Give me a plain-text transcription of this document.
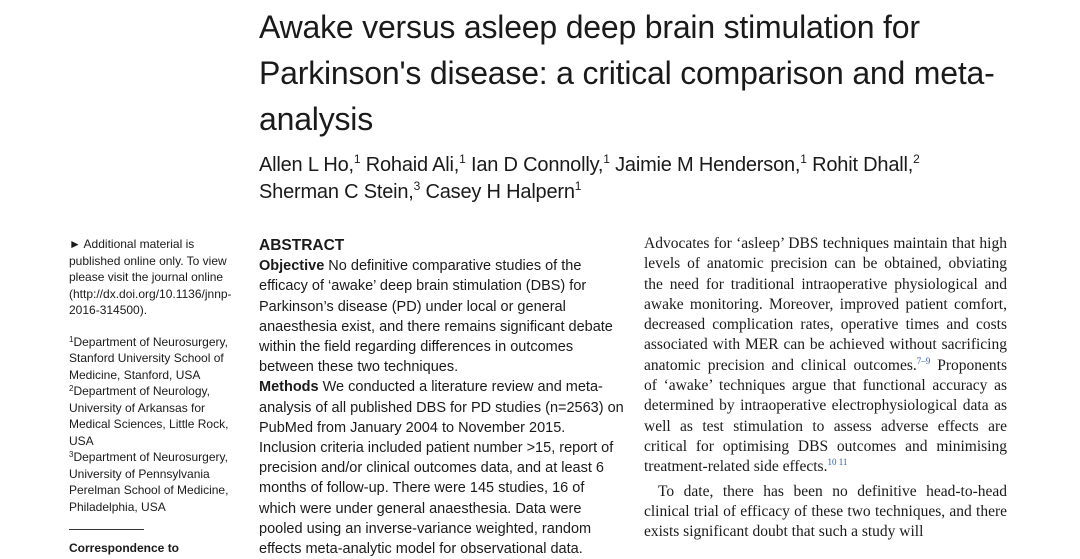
Awake versus asleep deep brain stimulation for Parkinson's disease: a critical comparison and meta-analysis
Allen L Ho,$^1$ Rohaid Ali,$^1$ Ian D Connolly,$^1$ Jaimie M Henderson,$^1$ Rohit Dhall,$^2$
Sherman C Stein,$^3$ Casey H Halpern$^1$

► Additional material is published online only. To view please visit the journal online (http://dx.doi.org/10.1136/jnnp-2016-314500).

$^1$Department of Neurosurgery, Stanford University School of Medicine, Stanford, USA

$^2$Department of Neurology, University of Arkansas for Medical Sciences, Little Rock, USA

$^3$Department of Neurosurgery, University of Pennsylvania Perelman School of Medicine, Philadelphia, USA

Correspondence to
ABSTRACT

Objective No definitive comparative studies of the efficacy of ‘awake’ deep brain stimulation (DBS) for Parkinson’s disease (PD) under local or general anaesthesia exist, and there remains significant debate within the field regarding differences in outcomes between these two techniques.

Methods We conducted a literature review and meta-analysis of all published DBS for PD studies (n=2563) on PubMed from January 2004 to November 2015. Inclusion criteria included patient number >15, report of precision and/or clinical outcomes data, and at least 6 months of follow-up. There were 145 studies, 16 of which were under general anaesthesia. Data were pooled using an inverse-variance weighted, random effects meta-analytic model for observational data.

Advocates for ‘asleep’ DBS techniques maintain that high levels of anatomic precision can be obtained, obviating the need for traditional intraoperative physiological and awake monitoring. Moreover, improved patient comfort, decreased complication rates, operative times and costs associated with MER can be achieved without sacrificing anatomic precision and clinical outcomes.$^{7-9}$ Proponents of ‘awake’ techniques argue that functional accuracy as determined by intraoperative electrophysiological data as well as test stimulation to assess adverse effects are critical for optimising DBS outcomes and minimising treatment-related side effects.$^{10 11}$

To date, there has been no definitive head-to-head clinical trial of efficacy of these two techniques, and there exists significant doubt that such a study will
